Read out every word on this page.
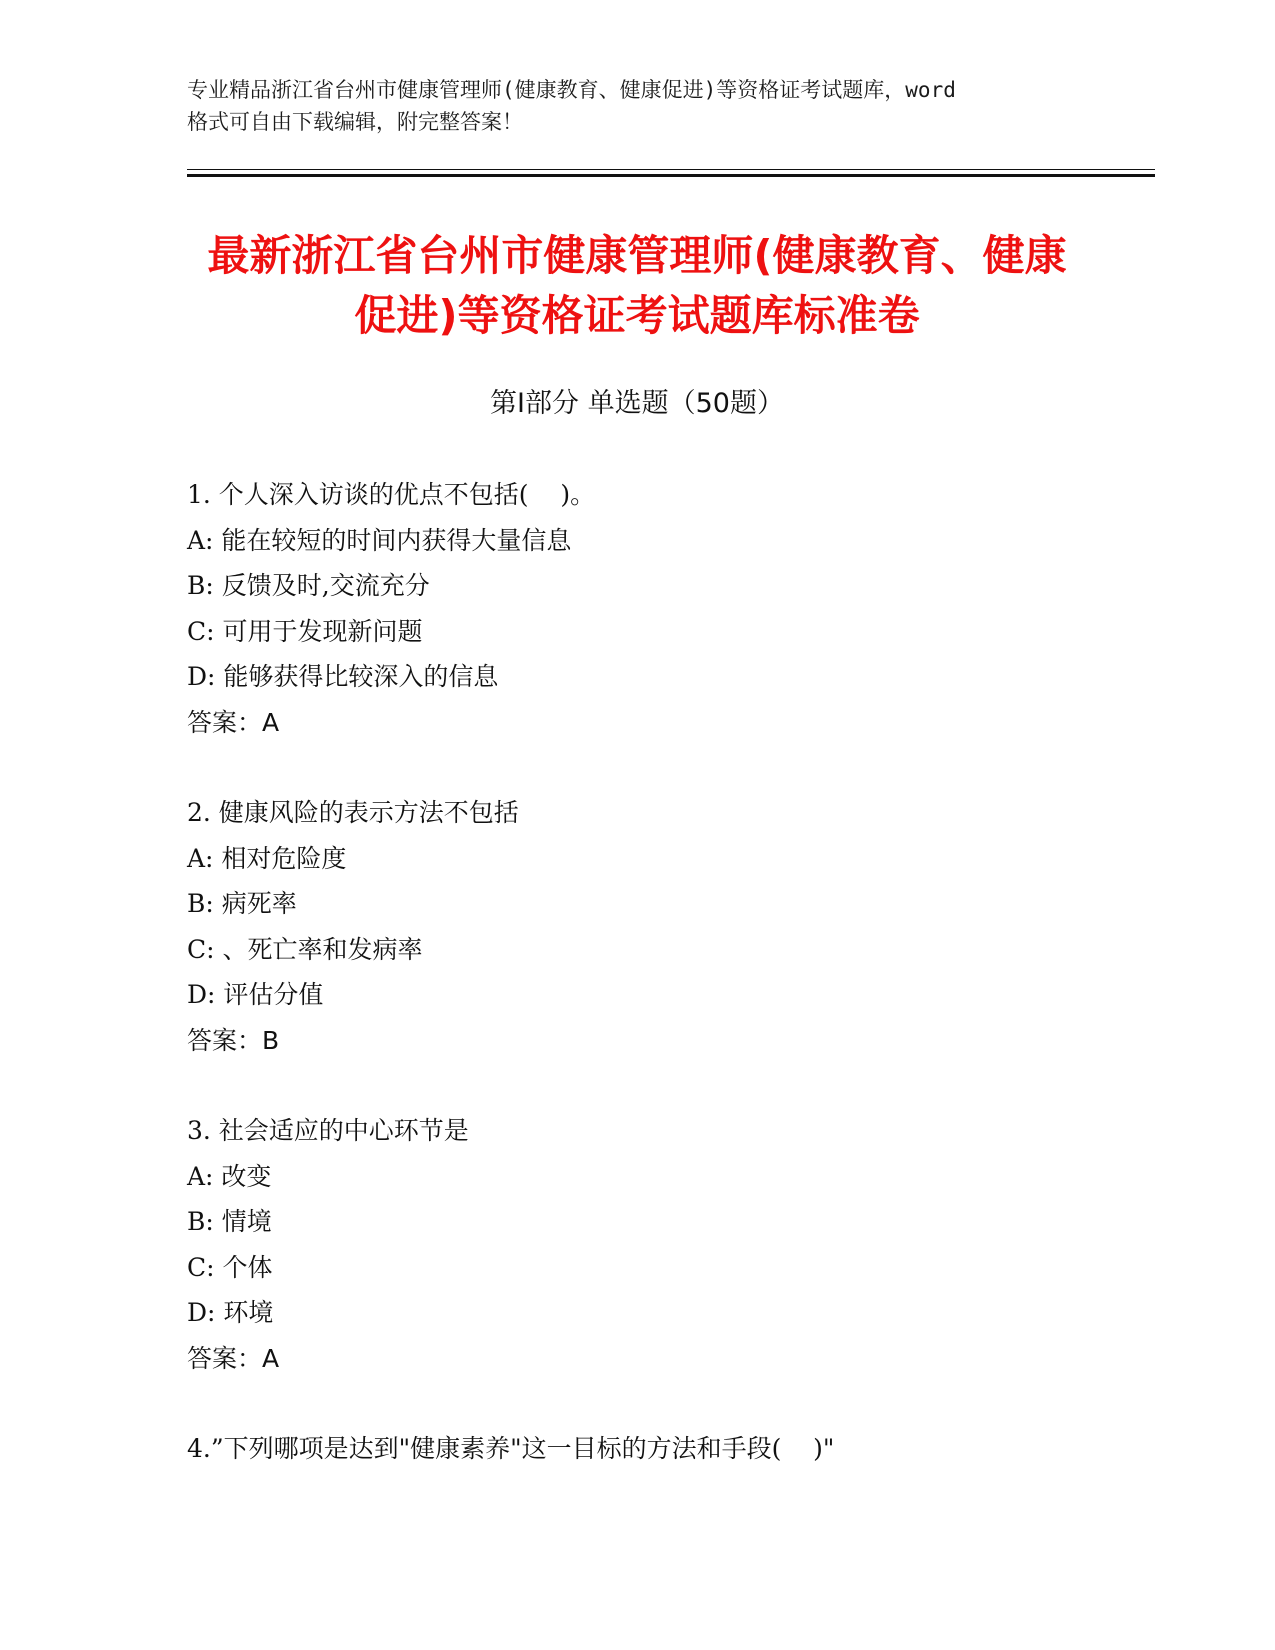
专业精品浙江省台州市健康管理师(健康教育、健康促进)等资格证考试题库，word
格式可自由下载编辑，附完整答案！
最新浙江省台州市健康管理师(健康教育、健康促进)等资格证考试题库标准卷
第Ⅰ部分 单选题（50题）
1. 个人深入访谈的优点不包括(    )。
A: 能在较短的时间内获得大量信息
B: 反馈及时,交流充分
C: 可用于发现新问题
D: 能够获得比较深入的信息
答案：A
2. 健康风险的表示方法不包括
A: 相对危险度
B: 病死率
C: 、死亡率和发病率
D: 评估分值
答案：B
3. 社会适应的中心环节是
A: 改变
B: 情境
C: 个体
D: 环境
答案：A
4.”下列哪项是达到"健康素养"这一目标的方法和手段(    )"
